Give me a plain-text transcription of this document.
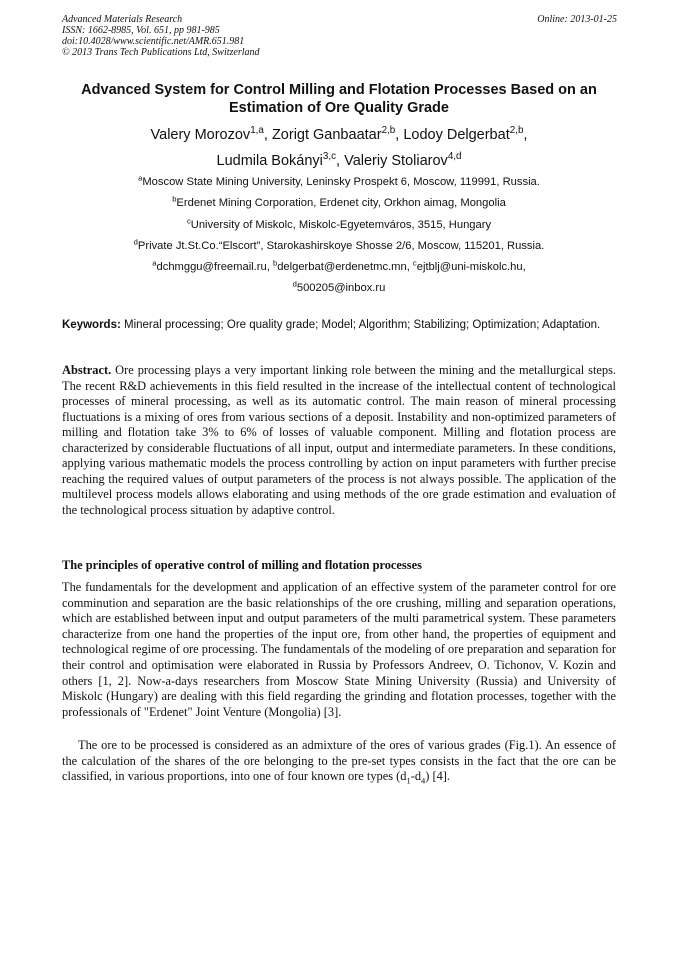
Advanced Materials Research
ISSN: 1662-8985, Vol. 651, pp 981-985
doi:10.4028/www.scientific.net/AMR.651.981
© 2013 Trans Tech Publications Ltd, Switzerland
Online: 2013-01-25
Advanced System for Control Milling and Flotation Processes Based on an Estimation of Ore Quality Grade
Valery Morozov$^{1,a}$, Zorigt Ganbaatar$^{2,b}$, Lodoy Delgerbat$^{2,b}$,
Ludmila Bokányi$^{3,c}$, Valeriy Stoliarov$^{4,d}$
$^a$Moscow State Mining University, Leninsky Prospekt 6, Moscow, 119991, Russia.
$^b$Erdenet Mining Corporation, Erdenet city, Orkhon aimag, Mongolia
$^c$University of Miskolc, Miskolc-Egyetemváros, 3515, Hungary
$^d$Private Jt.St.Co.“Elscort”, Starokashirskoye Shosse 2/6, Moscow, 115201, Russia.
$^a$dchmggu@freemail.ru, $^b$delgerbat@erdenetmc.mn, $^c$ejtblj@uni-miskolc.hu,
$^d$500205@inbox.ru

Keywords: Mineral processing; Ore quality grade; Model; Algorithm; Stabilizing; Optimization; Adaptation.

Abstract. Ore processing plays a very important linking role between the mining and the metallurgical steps. The recent R&D achievements in this field resulted in the increase of the intellectual content of technological processes of mineral processing, as well as its automatic control. The main reason of mineral processing fluctuations is a mixing of ores from various sections of a deposit. Instability and non-optimized parameters of milling and flotation take 3% to 6% of losses of valuable component. Milling and flotation process are characterized by considerable fluctuations of all input, output and intermediate parameters. In these conditions, applying various mathematic models the process controlling by action on input parameters with further precise reaching the required values of output parameters of the process is not always possible. The application of the multilevel process models allows elaborating and using methods of the ore grade estimation and evaluation of the technological process situation by adaptive control.

The principles of operative control of milling and flotation processes

The fundamentals for the development and application of an effective system of the parameter control for ore comminution and separation are the basic relationships of the ore crushing, milling and separation operations, which are established between input and output parameters of the multi parametrical system. These parameters characterize from one hand the properties of the input ore, from other hand, the properties of equipment and technological regime of ore processing. The fundamentals of the modeling of ore preparation and separation for their control and optimisation were elaborated in Russia by Professors Andreev, O. Tichonov, V. Kozin and others [1, 2]. Now-a-days researchers from Moscow State Mining University (Russia) and University of Miskolc (Hungary) are dealing with this field regarding the grinding and flotation processes, together with the professionals of "Erdenet" Joint Venture (Mongolia) [3].

The ore to be processed is considered as an admixture of the ores of various grades (Fig.1). An essence of the calculation of the shares of the ore belonging to the pre-set types consists in the fact that the ore can be classified, in various proportions, into one of four known ore types $(d_1-d_4)$ [4].
